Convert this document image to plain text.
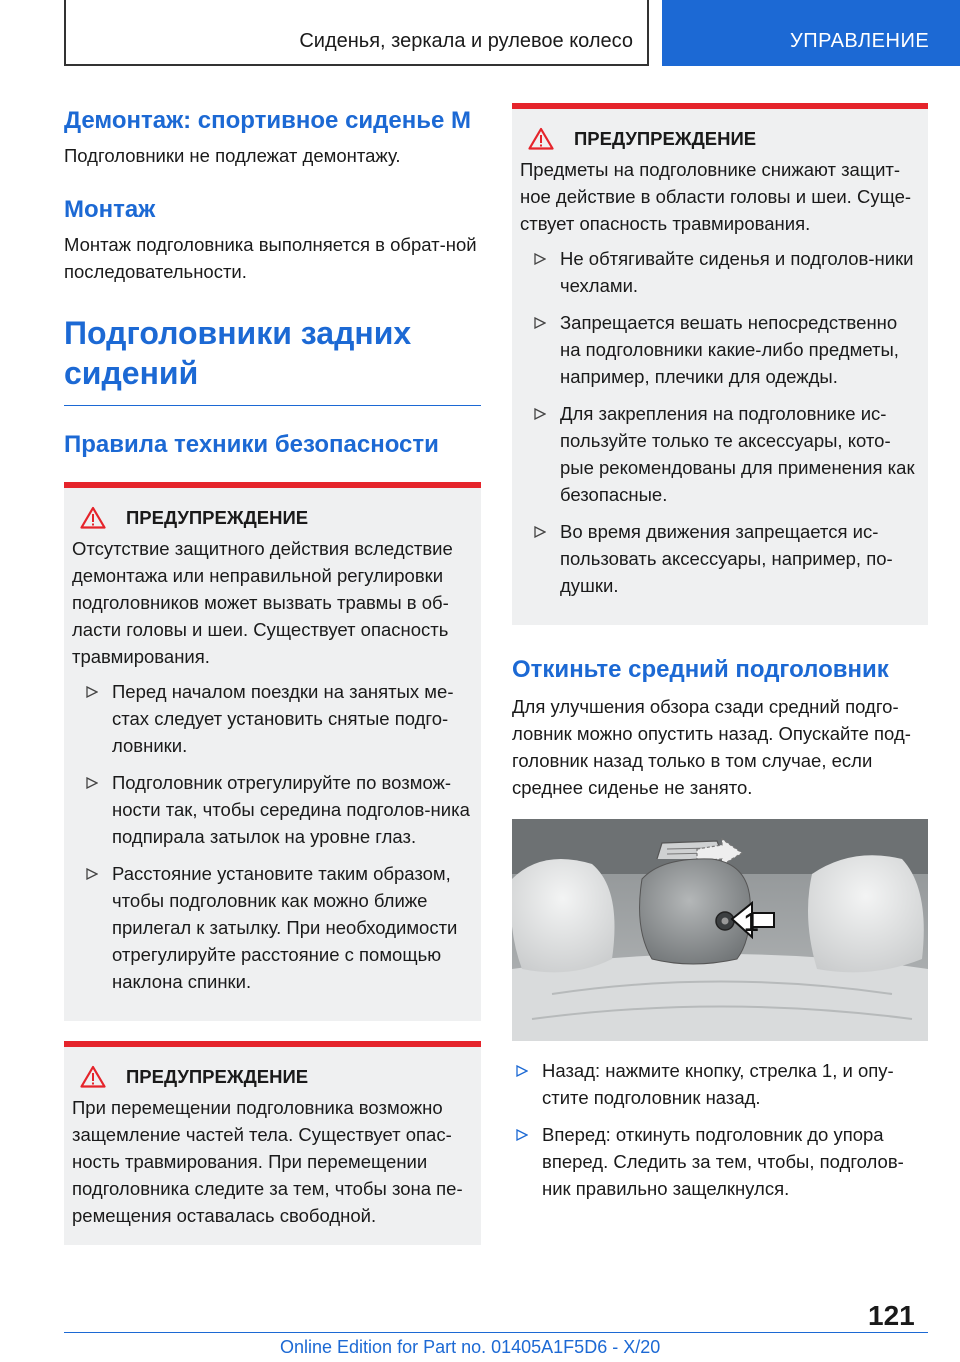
Сиденья, зеркала и рулевое колесо	УПРАВЛЕНИЕ
Демонтаж: спортивное сиденье М

Подголовники не подлежат демонтажу.

Монтаж

Монтаж подголовника выполняется в обрат-ной последовательности.

Подголовники задних сидений
Правила техники безопасности
ПРЕДУПРЕЖДЕНИЕ

Отсутствие защитного действия вследствие демонтажа или неправильной регулировки подголовников может вызвать травмы в об-ласти головы и шеи. Существует опасность травмирования.

Перед началом поездки на занятых ме-стах следует установить снятые подго-ловники.
Подголовник отрегулируйте по возмож-ности так, чтобы середина подголов-ника подпирала затылок на уровне глаз.
Расстояние установите таким образом, чтобы подголовник как можно ближе прилегал к затылку. При необходимости отрегулируйте расстояние с помощью наклона спинки.
ПРЕДУПРЕЖДЕНИЕ

При перемещении подголовника возможно защемление частей тела. Существует опас-ность травмирования. При перемещении подголовника следите за тем, чтобы зона пе-ремещения оставалась свободной.

ПРЕДУПРЕЖДЕНИЕ

Предметы на подголовнике снижают защит-ное действие в области головы и шеи. Суще-ствует опасность травмирования.

Не обтягивайте сиденья и подголов-ники чехлами.
Запрещается вешать непосредственно на подголовники какие-либо предметы, например, плечики для одежды.
Для закрепления на подголовнике ис-пользуйте только те аксессуары, кото-рые рекомендованы для применения как безопасные.
Во время движения запрещается ис-пользовать аксессуары, например, по-душки.
Откиньте средний подголовник

Для улучшения обзора сзади средний подго-ловник можно опустить назад. Опускайте под-головник назад только в том случае, если среднее сиденье не занято.

1
Назад: нажмите кнопку, стрелка 1, и опу-стите подголовник назад.
Вперед: откинуть подголовник до упора вперед. Следить за тем, чтобы, подголов-ник правильно защелкнулся.
121
Online Edition for Part no. 01405A1F5D6 - X/20
